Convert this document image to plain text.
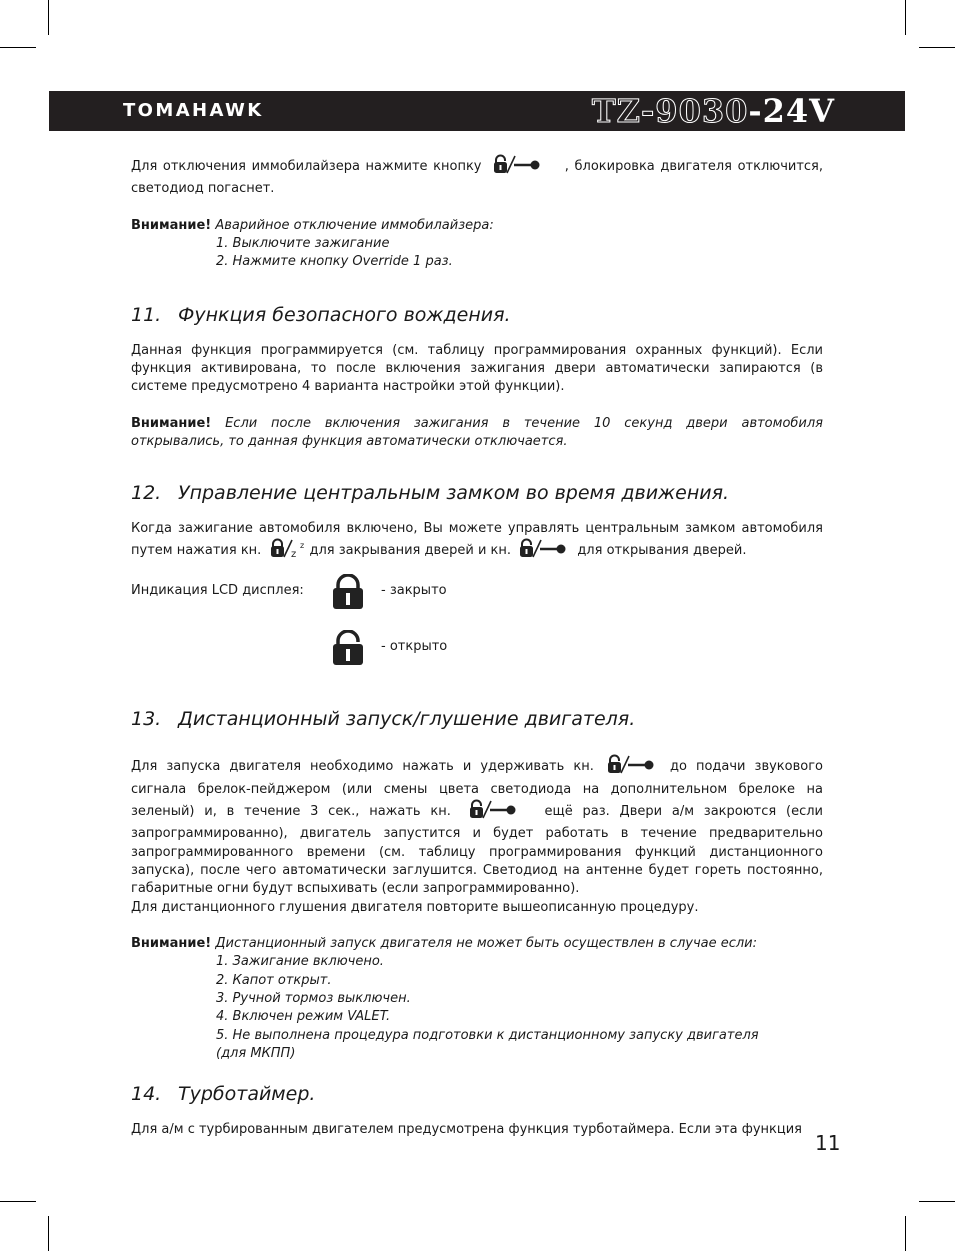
TOMAHAWK	TZ-9030-24V

Для отключения иммобилайзера нажмите кнопку	, блокировка двигателя отключится, светодиод погаснет.

Внимание! Аварийное отключение иммобилайзера:

1. Выключите зажигание

2. Нажмите кнопку Override 1 раз.

11. Функция безопасного вождения.

Данная функция программируется (см. таблицу программирования охранных функций). Если функция активирована, то после включения зажигания двери автоматически запираются (в системе предусмотрено 4 варианта настройки этой функции).

Внимание! Если после включения зажигания в течение 10 секунд двери автомобиля открывались, то данная функция автоматически отключается.

12. Управление центральным замком во время движения.

Когда зажигание автомобиля включено, Вы можете управлять центральным замком автомобиля путем нажатия кн.	z
z для закрывания дверей и кн.	для открывания дверей.

Индикация LCD дисплея:	- закрыто
- открыто

13. Дистанционный запуск/глушение двигателя.

Для запуска двигателя необходимо нажать и удерживать кн.	до подачи звукового сигнала брелок-пейджером (или смены цвета светодиода на дополнительном брелоке на зеленый) и, в течение 3 сек., нажать кн.	ещё раз. Двери а/м закроются (если запрограммированно), двигатель запустится и будет работать в течение предварительно запрограммированного времени (см. таблицу программирования функций дистанционного запуска), после чего автоматически заглушится. Светодиод на антенне будет гореть постоянно, габаритные огни будут вспыхивать (если запрограммированно).

Для дистанционного глушения двигателя повторите вышеописанную процедуру.

Внимание! Дистанционный запуск двигателя не может быть осуществлен в случае если:

1. Зажигание включено.

2. Капот открыт.

3. Ручной тормоз выключен.

4. Включен режим VALET.

5. Не выполнена процедура подготовки к дистанционному запуску двигателя

(для МКПП)

14. Турботаймер.

Для а/м с турбированным двигателем предусмотрена функция турботаймера. Если эта функция

11
